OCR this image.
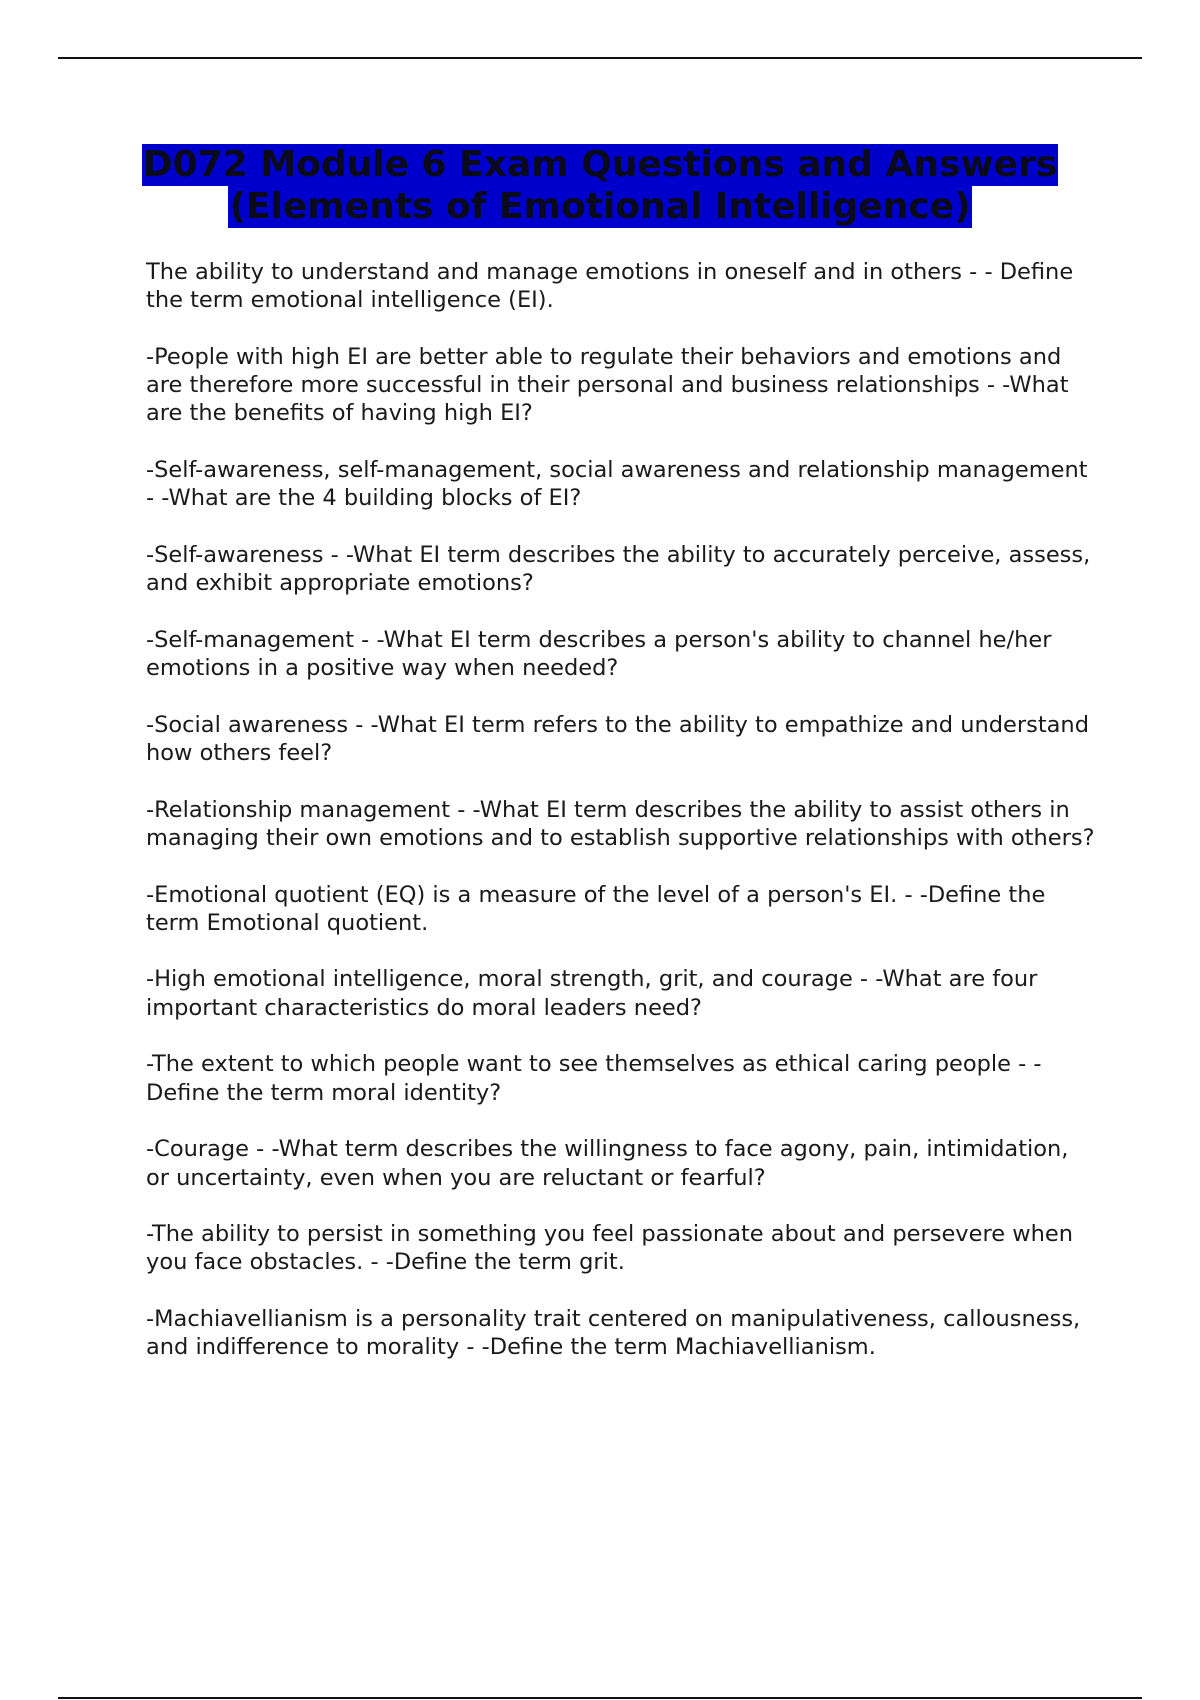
D072 Module 6 Exam Questions and Answers
(Elements of Emotional Intelligence)

The ability to understand and manage emotions in oneself and in others - - Define the term emotional intelligence (EI).

-People with high EI are better able to regulate their behaviors and emotions and are therefore more successful in their personal and business relationships - -What are the benefits of having high EI?

-Self-awareness, self-management, social awareness and relationship management - -What are the 4 building blocks of EI?

-Self-awareness - -What EI term describes the ability to accurately perceive, assess, and exhibit appropriate emotions?

-Self-management - -What EI term describes a person's ability to channel he/her emotions in a positive way when needed?

-Social awareness - -What EI term refers to the ability to empathize and understand how others feel?

-Relationship management - -What EI term describes the ability to assist others in managing their own emotions and to establish supportive relationships with others?

-Emotional quotient (EQ) is a measure of the level of a person's EI. - -Define the term Emotional quotient.

-High emotional intelligence, moral strength, grit, and courage - -What are four important characteristics do moral leaders need?

-The extent to which people want to see themselves as ethical caring people - -Define the term moral identity?

-Courage - -What term describes the willingness to face agony, pain, intimidation, or uncertainty, even when you are reluctant or fearful?

-The ability to persist in something you feel passionate about and persevere when you face obstacles. - -Define the term grit.

-Machiavellianism is a personality trait centered on manipulativeness, callousness, and indifference to morality - -Define the term Machiavellianism.
